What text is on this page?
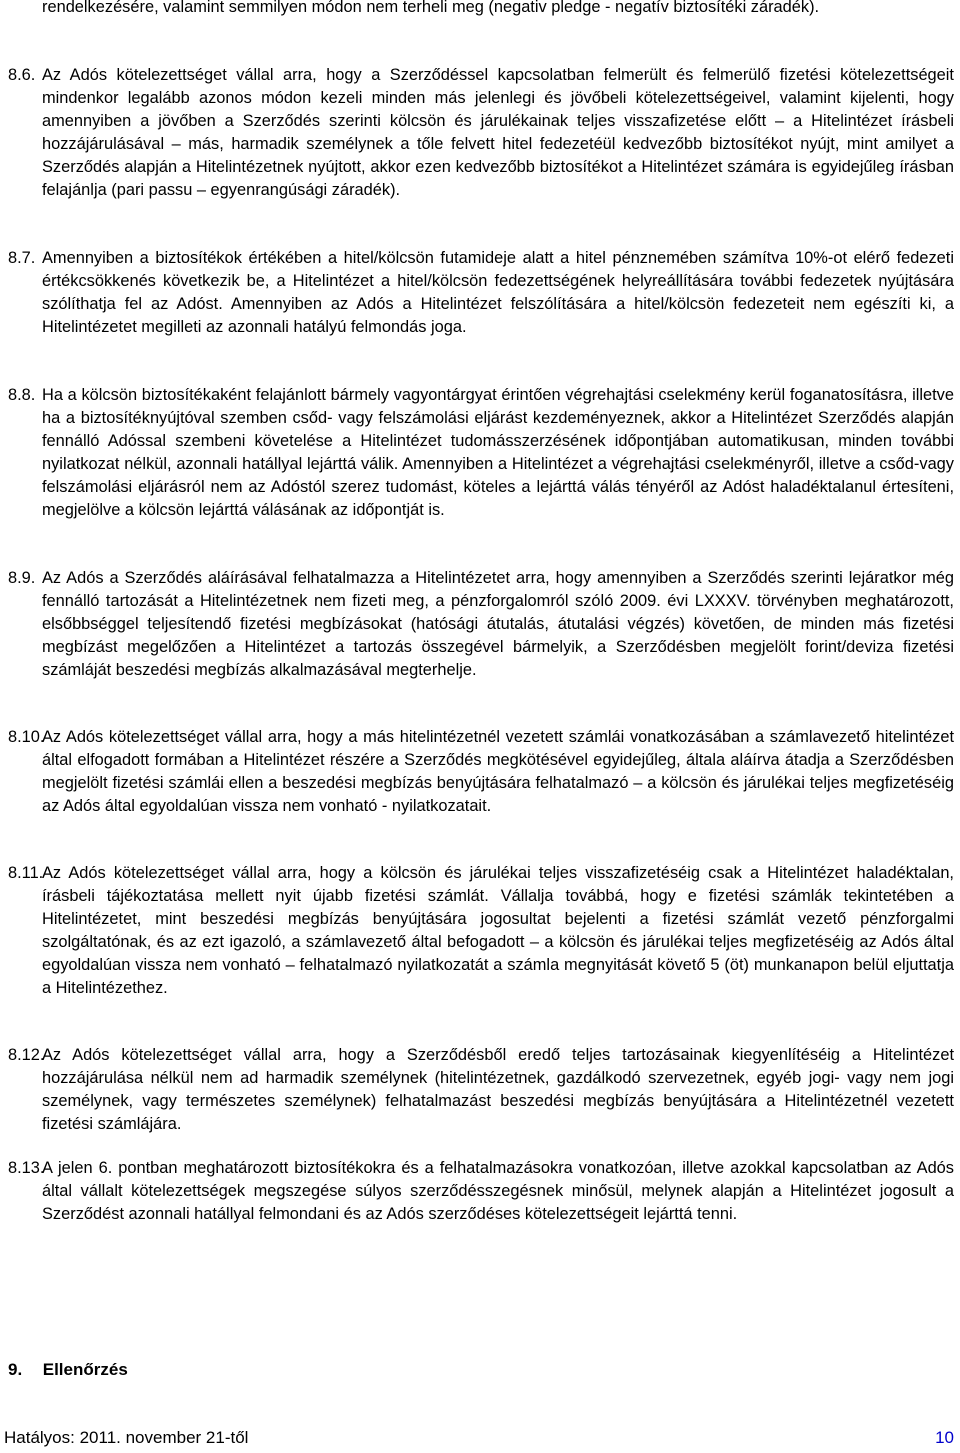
rendelkezésére, valamint semmilyen módon nem terheli meg (negativ pledge - negatív biztosítéki záradék).
8.6. Az Adós kötelezettséget vállal arra, hogy a Szerződéssel kapcsolatban felmerült és felmerülő fizetési kötelezettségeit mindenkor legalább azonos módon kezeli minden más jelenlegi és jövőbeli kötelezettségeivel, valamint kijelenti, hogy amennyiben a jövőben a Szerződés szerinti kölcsön és járulékainak teljes visszafizetése előtt – a Hitelintézet írásbeli hozzájárulásával – más, harmadik személynek a tőle felvett hitel fedezetéül kedvezőbb biztosítékot nyújt, mint amilyet a Szerződés alapján a Hitelintézetnek nyújtott, akkor ezen kedvezőbb biztosítékot a Hitelintézet számára is egyidejűleg írásban felajánlja (pari passu – egyenrangúsági záradék).
8.7. Amennyiben a biztosítékok értékében a hitel/kölcsön futamideje alatt a hitel pénznemében számítva 10%-ot elérő fedezeti értékcsökkenés következik be, a Hitelintézet a hitel/kölcsön fedezettségének helyreállítására további fedezetek nyújtására szólíthatja fel az Adóst. Amennyiben az Adós a Hitelintézet felszólítására a hitel/kölcsön fedezeteit nem egészíti ki, a Hitelintézetet megilleti az azonnali hatályú felmondás joga.
8.8. Ha a kölcsön biztosítékaként felajánlott bármely vagyontárgyat érintően végrehajtási cselekmény kerül foganatosításra, illetve ha a biztosítéknyújtóval szemben csőd- vagy felszámolási eljárást kezdeményeznek, akkor a Hitelintézet Szerződés alapján fennálló Adóssal szembeni követelése a Hitelintézet tudomásszerzésének időpontjában automatikusan, minden további nyilatkozat nélkül, azonnali hatállyal lejárttá válik. Amennyiben a Hitelintézet a végrehajtási cselekményről, illetve a csőd-vagy felszámolási eljárásról nem az Adóstól szerez tudomást, köteles a lejárttá válás tényéről az Adóst haladéktalanul értesíteni, megjelölve a kölcsön lejárttá válásának az időpontját is.
8.9. Az Adós a Szerződés aláírásával felhatalmazza a Hitelintézetet arra, hogy amennyiben a Szerződés szerinti lejáratkor még fennálló tartozását a Hitelintézetnek nem fizeti meg, a pénzforgalomról szóló 2009. évi LXXXV. törvényben meghatározott, elsőbbséggel teljesítendő fizetési megbízásokat (hatósági átutalás, átutalási végzés) követően, de minden más fizetési megbízást megelőzően a Hitelintézet a tartozás összegével bármelyik, a Szerződésben megjelölt forint/deviza fizetési számláját beszedési megbízás alkalmazásával megterhelje.
8.10.
Az Adós kötelezettséget vállal arra, hogy a más hitelintézetnél vezetett számlái vonatkozásában a számlavezető hitelintézet által elfogadott formában a Hitelintézet részére a Szerződés megkötésével egyidejűleg, általa aláírva átadja a Szerződésben megjelölt fizetési számlái ellen a beszedési megbízás benyújtására felhatalmazó – a kölcsön és járulékai teljes megfizetéséig az Adós által egyoldalúan vissza nem vonható - nyilatkozatait.
8.11.
Az Adós kötelezettséget vállal arra, hogy a kölcsön és járulékai teljes visszafizetéséig csak a Hitelintézet haladéktalan, írásbeli tájékoztatása mellett nyit újabb fizetési számlát. Vállalja továbbá, hogy e fizetési számlák tekintetében a Hitelintézetet, mint beszedési megbízás benyújtására jogosultat bejelenti a fizetési számlát vezető pénzforgalmi szolgáltatónak, és az ezt igazoló, a számlavezető által befogadott – a kölcsön és járulékai teljes megfizetéséig az Adós által egyoldalúan vissza nem vonható – felhatalmazó nyilatkozatát a számla megnyitását követő 5 (öt) munkanapon belül eljuttatja a Hitelintézethez.
8.12.
Az Adós kötelezettséget vállal arra, hogy a Szerződésből eredő teljes tartozásainak kiegyenlítéséig a Hitelintézet hozzájárulása nélkül nem ad harmadik személynek (hitelintézetnek, gazdálkodó szervezetnek, egyéb jogi- vagy nem jogi személynek, vagy természetes személynek) felhatalmazást beszedési megbízás benyújtására a Hitelintézetnél vezetett fizetési számlájára.
8.13.
A jelen 6. pontban meghatározott biztosítékokra és a felhatalmazásokra vonatkozóan, illetve azokkal kapcsolatban az Adós által vállalt kötelezettségek megszegése súlyos szerződésszegésnek minősül, melynek alapján a Hitelintézet jogosult a Szerződést azonnali hatállyal felmondani és az Adós szerződéses kötelezettségeit lejárttá tenni.
9. Ellenőrzés
Hatályos: 2011. november 21-től	10
